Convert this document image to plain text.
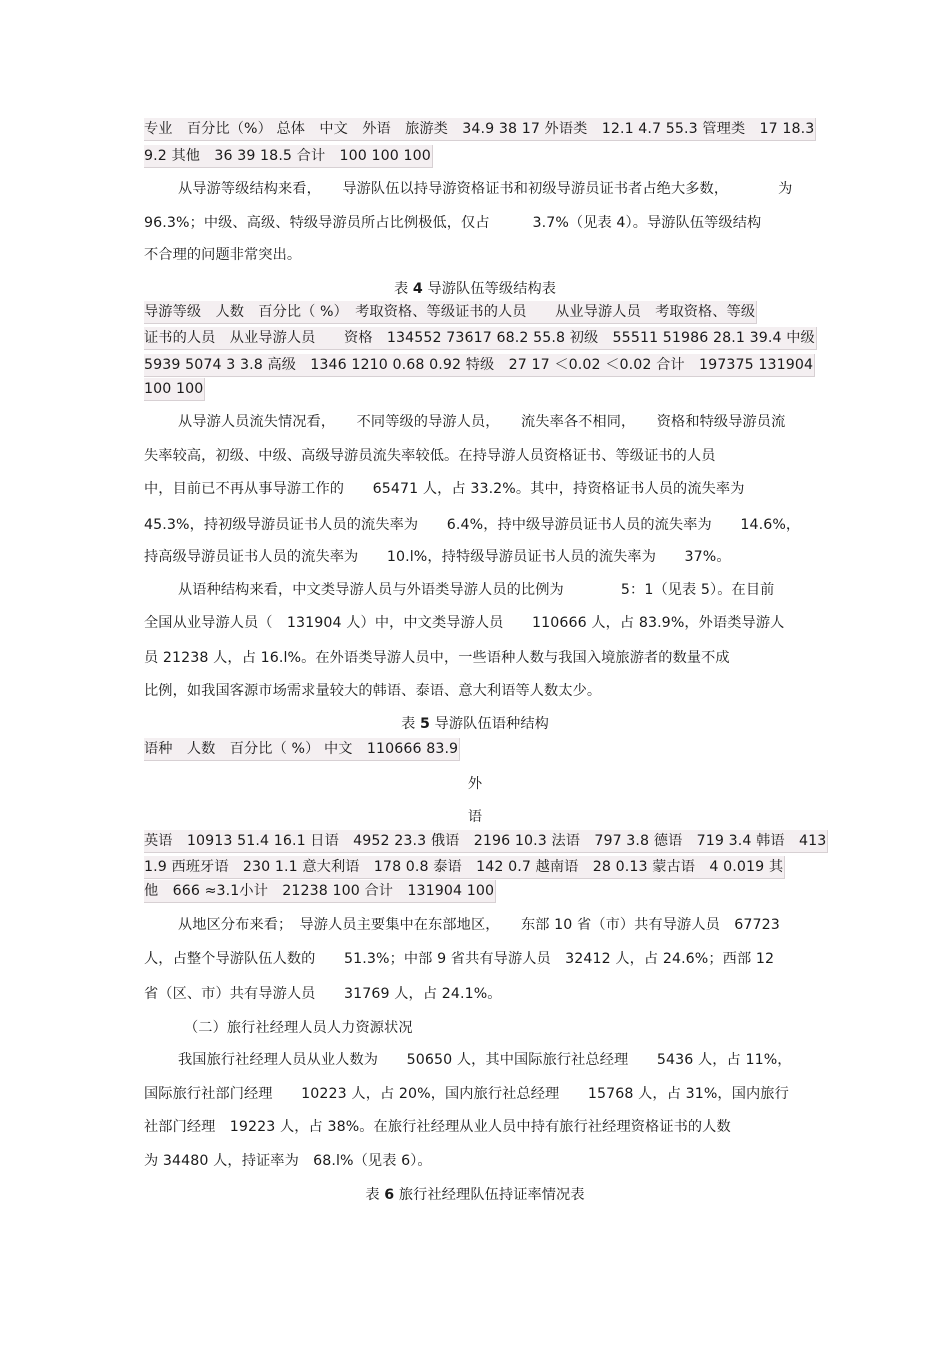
专业　百分比（%） 总体　中文　外语　旅游类　34.9 38 17 外语类　12.1 4.7 55.3 管理类　17 18.3
9.2 其他　36 39 18.5 合计　100 100 100
从导游等级结构来看，　　导游队伍以持导游资格证书和初级导游员证书者占绝大多数，　　　　为
96.3%；中级、高级、特级导游员所占比例极低，仅占　　　3.7%（见表 4）。导游队伍等级结构
不合理的问题非常突出。
表 4 导游队伍等级结构表
导游等级　人数　百分比（ %）　考取资格、等级证书的人员　　从业导游人员　考取资格、等级
证书的人员　从业导游人员　　资格　134552 73617 68.2 55.8 初级　55511 51986 28.1 39.4 中级
5939 5074 3 3.8 高级　1346 1210 0.68 0.92 特级　27 17 ＜0.02 ＜0.02 合计　197375 131904
100 100
从导游人员流失情况看，　　不同等级的导游人员，　　流失率各不相同，　　资格和特级导游员流
失率较高，初级、中级、高级导游员流失率较低。在持导游人员资格证书、等级证书的人员
中，目前已不再从事导游工作的　　65471 人，占 33.2%。其中，持资格证书人员的流失率为
45.3%，持初级导游员证书人员的流失率为　　6.4%，持中级导游员证书人员的流失率为　　14.6%，
持高级导游员证书人员的流失率为　　10.l%，持特级导游员证书人员的流失率为　　37%。
从语种结构来看，中文类导游人员与外语类导游人员的比例为　　　　5：1（见表 5）。在目前
全国从业导游人员（　131904 人）中，中文类导游人员　　110666 人，占 83.9%，外语类导游人
员 21238 人，占 16.l%。在外语类导游人员中，一些语种人数与我国入境旅游者的数量不成
比例，如我国客源市场需求量较大的韩语、泰语、意大利语等人数太少。
表 5 导游队伍语种结构
语种　人数　百分比（ %） 中文　110666 83.9
外
语
英语　10913 51.4 16.1 日语　4952 23.3 俄语　2196 10.3 法语　797 3.8 德语　719 3.4 韩语　413
1.9 西班牙语　230 1.1 意大利语　178 0.8 泰语　142 0.7 越南语　28 0.13 蒙古语　4 0.019 其
他　666 ≈3.1小计　21238 100 合计　131904 100
从地区分布来看；　导游人员主要集中在东部地区，　　东部 10 省（市）共有导游人员　67723
人，占整个导游队伍人数的　　51.3%；中部 9 省共有导游人员　32412 人，占 24.6%；西部 12
省（区、市）共有导游人员　　31769 人，占 24.1%。
（二）旅行社经理人员人力资源状况
我国旅行社经理人员从业人数为　　50650 人，其中国际旅行社总经理　　5436 人，占 11%，
国际旅行社部门经理　　10223 人，占 20%，国内旅行社总经理　　15768 人，占 31%，国内旅行
社部门经理　19223 人，占 38%。在旅行社经理从业人员中持有旅行社经理资格证书的人数
为 34480 人，持证率为　68.l%（见表 6）。
表 6 旅行社经理队伍持证率情况表
